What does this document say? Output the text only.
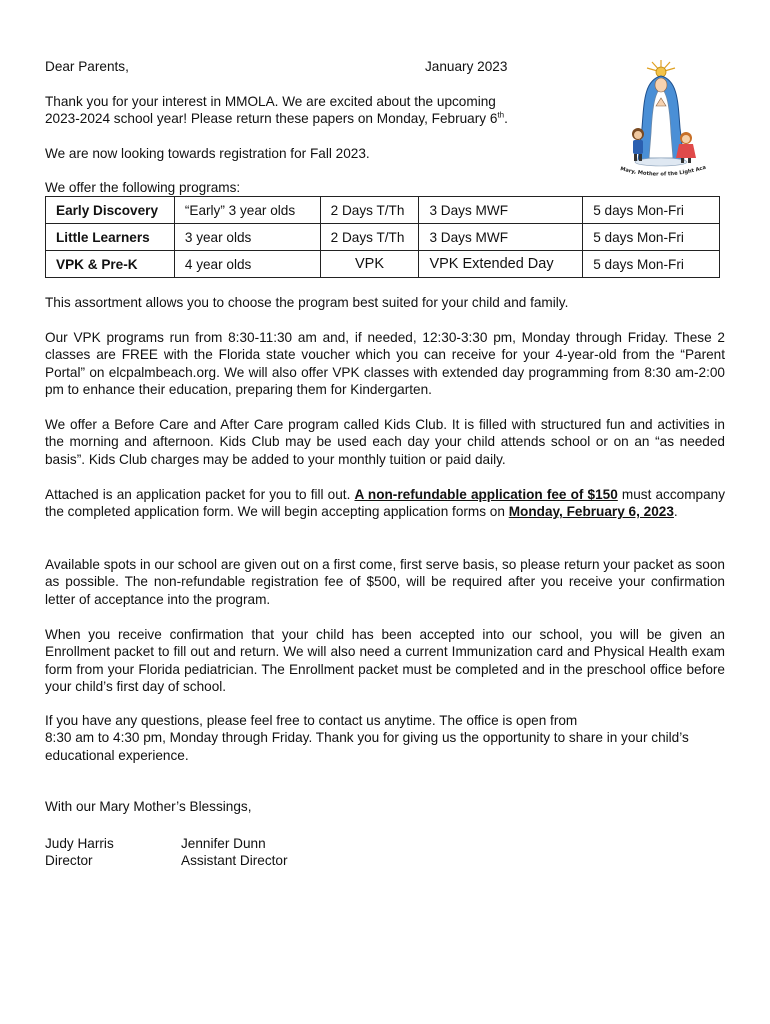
Dear Parents,	January 2023
Mary, Mother of the Light Aca
Thank you for your interest in MMOLA. We are excited about the upcoming
2023-2024 school year! Please return these papers on Monday, February 6th.
We are now looking towards registration for Fall 2023.
We offer the following programs:
Early Discovery	“Early” 3 year olds	2 Days T/Th	3 Days MWF	5 days Mon-Fri
Little Learners	3 year olds	2 Days T/Th	3 Days MWF	5 days Mon-Fri
VPK & Pre-K	4 year olds	VPK	VPK Extended Day	5 days Mon-Fri

This assortment allows you to choose the program best suited for your child and family.

Our VPK programs run from 8:30-11:30 am and, if needed, 12:30-3:30 pm, Monday through Friday. These 2 classes are FREE with the Florida state voucher which you can receive for your 4-year-old from the “Parent Portal” on elcpalmbeach.org. We will also offer VPK classes with extended day programming from 8:30 am-2:00 pm to enhance their education, preparing them for Kindergarten.

We offer a Before Care and After Care program called Kids Club. It is filled with structured fun and activities in the morning and afternoon. Kids Club may be used each day your child attends school or on an “as needed basis”. Kids Club charges may be added to your monthly tuition or paid daily.

Attached is an application packet for you to fill out. A non-refundable application fee of $150 must accompany the completed application form. We will begin accepting application forms on Monday, February 6, 2023.

Available spots in our school are given out on a first come, first serve basis, so please return your packet as soon as possible. The non-refundable registration fee of $500, will be required after you receive your confirmation letter of acceptance into the program.

When you receive confirmation that your child has been accepted into our school, you will be given an Enrollment packet to fill out and return. We will also need a current Immunization card and Physical Health exam form from your Florida pediatrician. The Enrollment packet must be completed and in the preschool office before your child’s first day of school.

If you have any questions, please feel free to contact us anytime. The office is open from
8:30 am to 4:30 pm, Monday through Friday. Thank you for giving us the opportunity to share in your child’s educational experience.
With our Mary Mother’s Blessings,
Judy Harris
Director
Jennifer Dunn
Assistant Director
